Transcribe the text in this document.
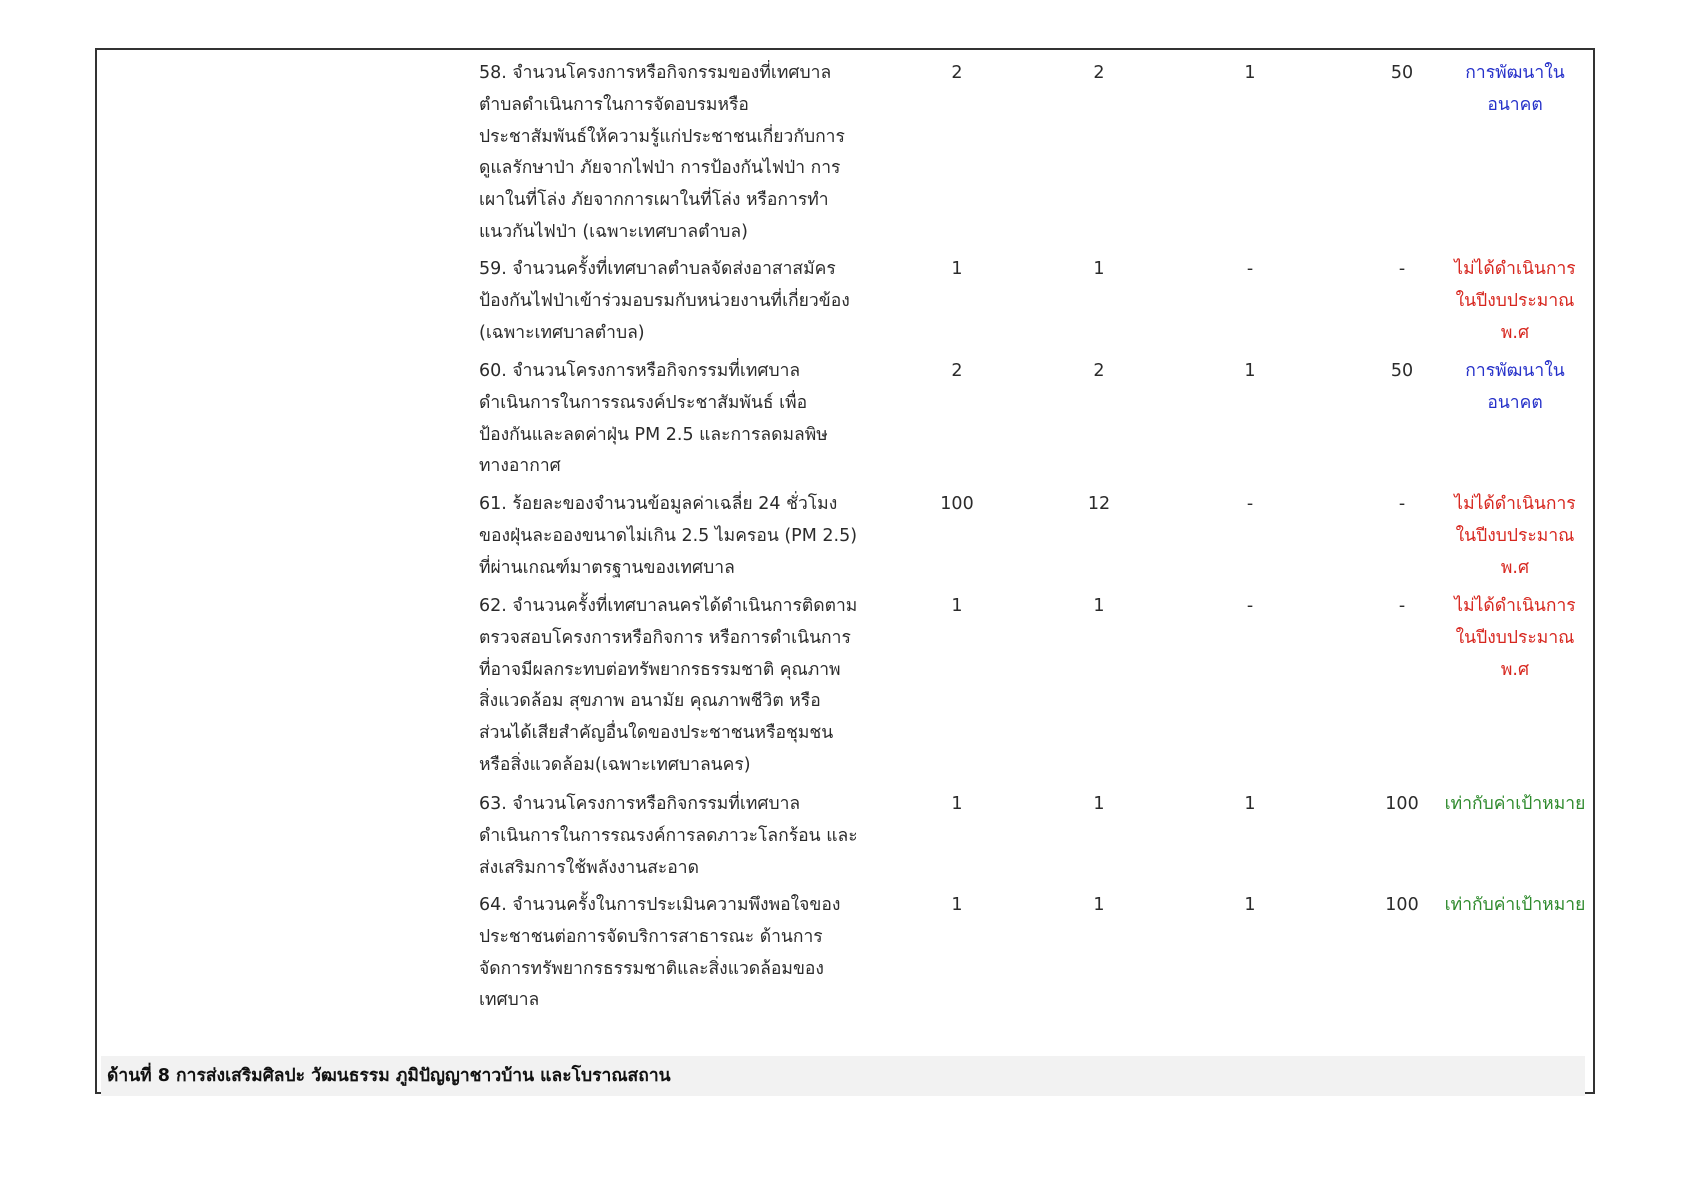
58. จำนวนโครงการหรือกิจกรรมของที่เทศบาล
ตำบลดำเนินการในการจัดอบรมหรือ
ประชาสัมพันธ์ให้ความรู้แก่ประชาชนเกี่ยวกับการ
ดูแลรักษาป่า ภัยจากไฟป่า การป้องกันไฟป่า การ
เผาในที่โล่ง ภัยจากการเผาในที่โล่ง หรือการทำ
แนวกันไฟป่า (เฉพาะเทศบาลตำบล)
2	2	1	50	การพัฒนาใน
อนาคต
59. จำนวนครั้งที่เทศบาลตำบลจัดส่งอาสาสมัคร
ป้องกันไฟป่าเข้าร่วมอบรมกับหน่วยงานที่เกี่ยวข้อง
(เฉพาะเทศบาลตำบล)
1	1	-	-	ไม่ได้ดำเนินการ
ในปีงบประมาณ
พ.ศ
60. จำนวนโครงการหรือกิจกรรมที่เทศบาล
ดำเนินการในการรณรงค์ประชาสัมพันธ์ เพื่อ
ป้องกันและลดค่าฝุ่น PM 2.5 และการลดมลพิษ
ทางอากาศ
2	2	1	50	การพัฒนาใน
อนาคต
61. ร้อยละของจำนวนข้อมูลค่าเฉลี่ย 24 ชั่วโมง
ของฝุ่นละอองขนาดไม่เกิน 2.5 ไมครอน (PM 2.5)
ที่ผ่านเกณฑ์มาตรฐานของเทศบาล
100	12	-	-	ไม่ได้ดำเนินการ
ในปีงบประมาณ
พ.ศ
62. จำนวนครั้งที่เทศบาลนครได้ดำเนินการติดตาม
ตรวจสอบโครงการหรือกิจการ หรือการดำเนินการ
ที่อาจมีผลกระทบต่อทรัพยากรธรรมชาติ คุณภาพ
สิ่งแวดล้อม สุขภาพ อนามัย คุณภาพชีวิต หรือ
ส่วนได้เสียสำคัญอื่นใดของประชาชนหรือชุมชน
หรือสิ่งแวดล้อม(เฉพาะเทศบาลนคร)
1	1	-	-	ไม่ได้ดำเนินการ
ในปีงบประมาณ
พ.ศ
63. จำนวนโครงการหรือกิจกรรมที่เทศบาล
ดำเนินการในการรณรงค์การลดภาวะโลกร้อน และ
ส่งเสริมการใช้พลังงานสะอาด
1	1	1	100	เท่ากับค่าเป้าหมาย
64. จำนวนครั้งในการประเมินความพึงพอใจของ
ประชาชนต่อการจัดบริการสาธารณะ ด้านการ
จัดการทรัพยากรธรรมชาติและสิ่งแวดล้อมของ
เทศบาล
1	1	1	100	เท่ากับค่าเป้าหมาย
ด้านที่ 8 การส่งเสริมศิลปะ วัฒนธรรม ภูมิปัญญาชาวบ้าน และโบราณสถาน
